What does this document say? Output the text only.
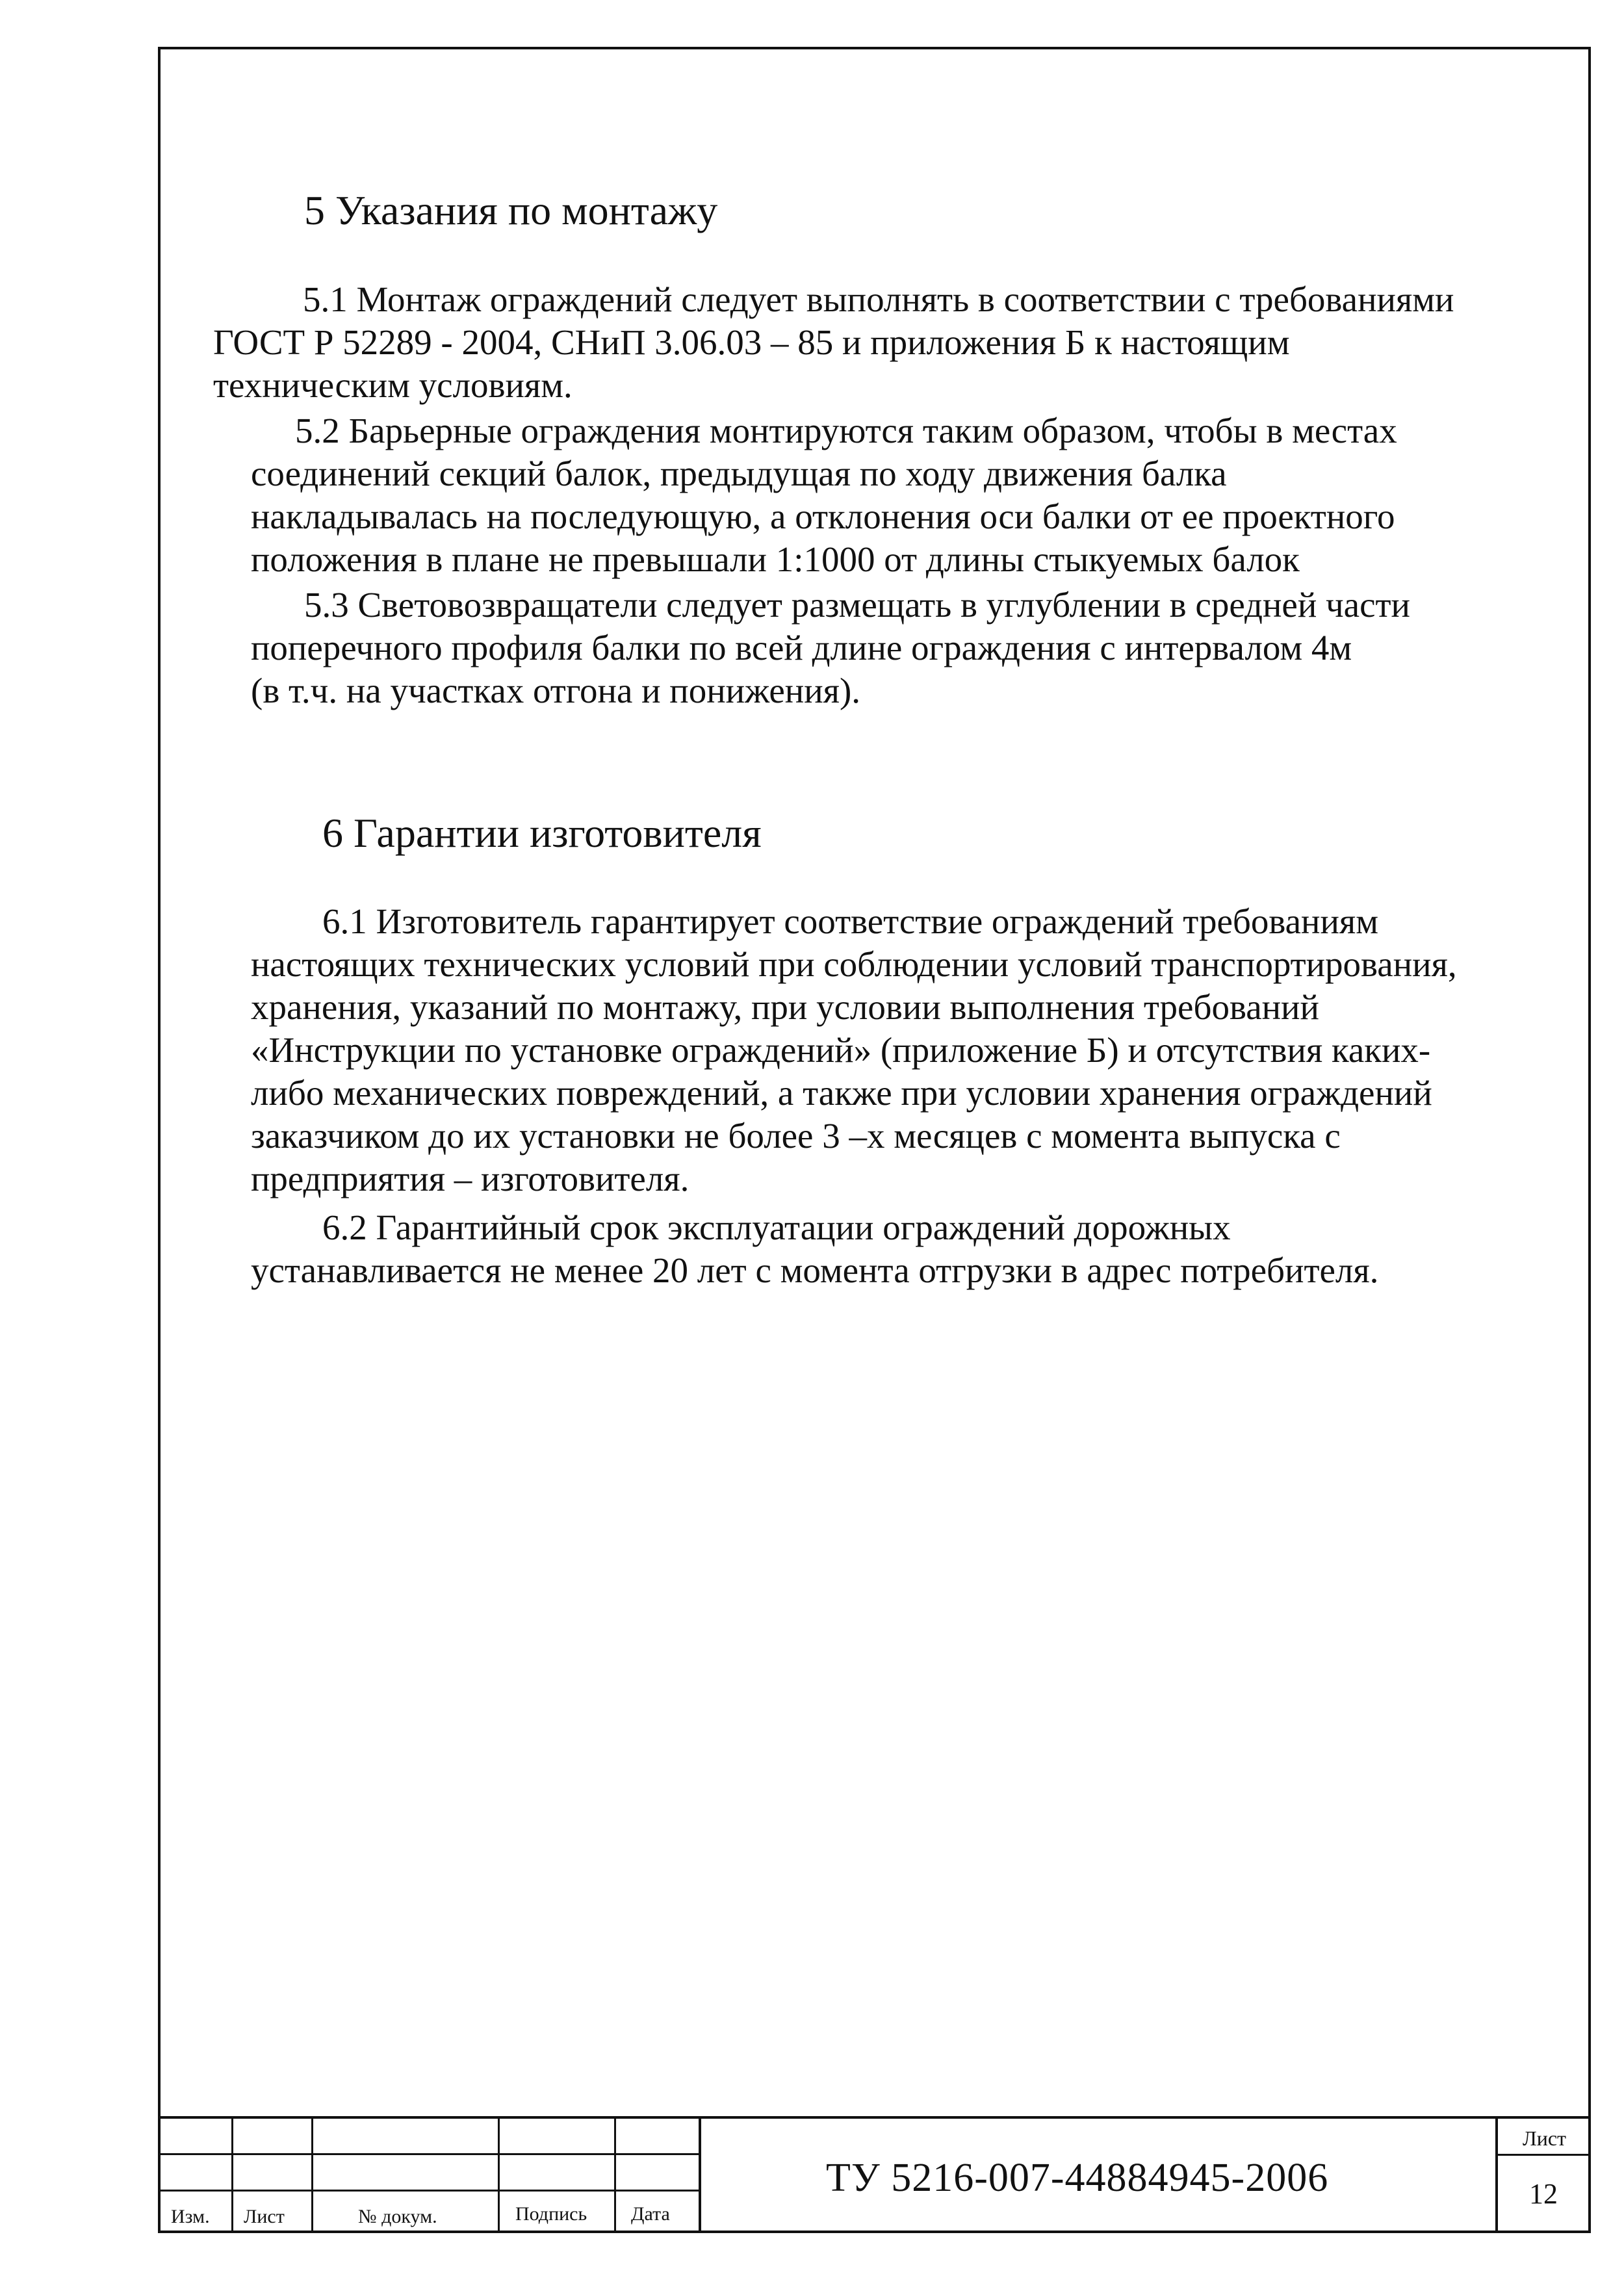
5 Указания по монтажу
5.1 Монтаж ограждений следует выполнять в соответствии с требованиями
ГОСТ Р 52289 - 2004, СНиП 3.06.03 – 85 и приложения Б к настоящим
техническим условиям.
5.2 Барьерные ограждения монтируются таким образом, чтобы в местах
соединений секций балок, предыдущая по ходу движения балка
накладывалась на последующую, а отклонения оси балки от ее проектного
положения в плане не превышали 1:1000 от длины стыкуемых балок
5.3 Световозвращатели следует размещать в углублении в средней части
поперечного профиля балки по всей длине ограждения с интервалом 4м
(в т.ч. на участках отгона и понижения).
6 Гарантии изготовителя
6.1 Изготовитель гарантирует соответствие ограждений требованиям
настоящих технических условий при соблюдении условий транспортирования,
хранения, указаний по монтажу, при условии выполнения требований
«Инструкции по установке ограждений» (приложение Б) и отсутствия каких-
либо механических повреждений, а также при условии хранения ограждений
заказчиком до их установки не более 3 –х месяцев с момента выпуска с
предприятия – изготовителя.
6.2 Гарантийный срок эксплуатации ограждений дорожных
устанавливается не менее 20 лет с момента отгрузки в адрес потребителя.
Изм. Лист	№ докум.	Подпись Дата
ТУ 5216-007-44884945-2006
Лист
12
